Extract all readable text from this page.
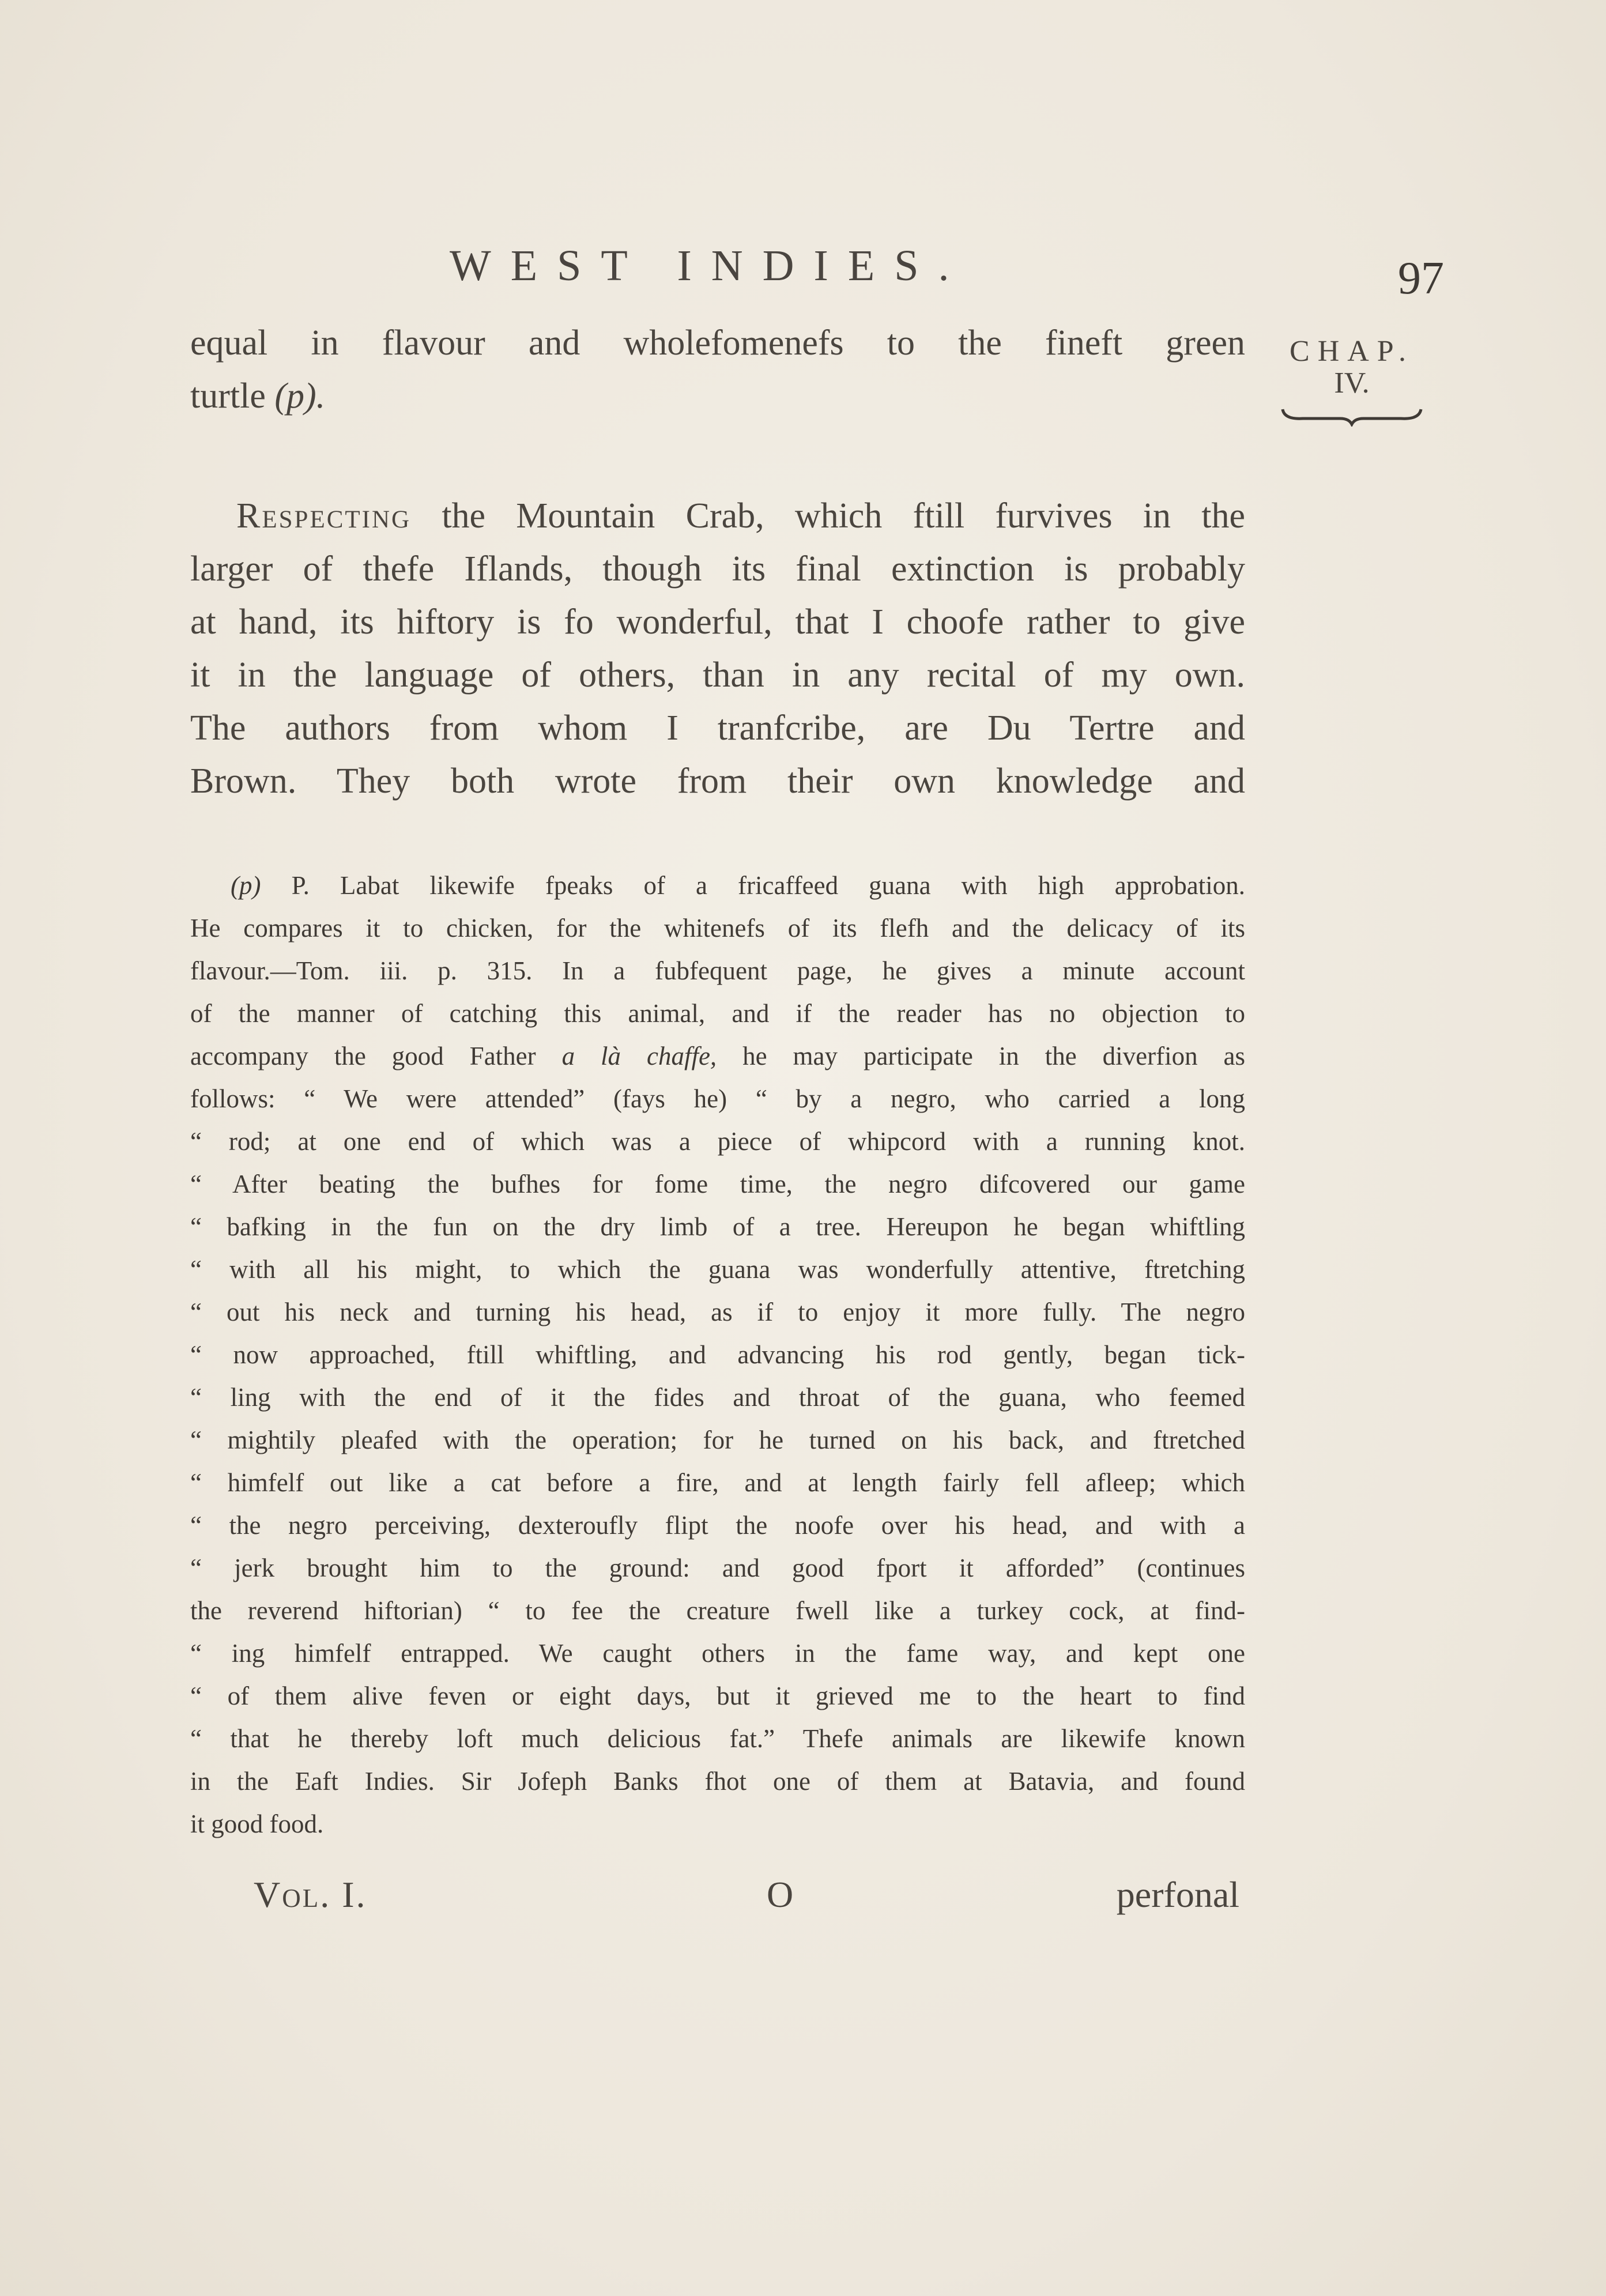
WEST INDIES.	97
CHAP.
IV.
equal in flavour and wholefomenefs to the fineft green
turtle (p).
Respecting the Mountain Crab, which ftill furvives in the
larger of thefe Iflands, though its final extinction is probably
at hand, its hiftory is fo wonderful, that I choofe rather to give
it in the language of others, than in any recital of my own.
The authors from whom I tranfcribe, are Du Tertre and
Brown. They both wrote from their own knowledge and
(p) P. Labat likewife fpeaks of a fricaffeed guana with high approbation.
He compares it to chicken, for the whitenefs of its flefh and the delicacy of its
flavour.—Tom. iii. p. 315. In a fubfequent page, he gives a minute account
of the manner of catching this animal, and if the reader has no objection to
accompany the good Father a là chaffe, he may participate in the diverfion as
follows: “ We were attended” (fays he) “ by a negro, who carried a long
“ rod; at one end of which was a piece of whipcord with a running knot.
“ After beating the bufhes for fome time, the negro difcovered our game
“ bafking in the fun on the dry limb of a tree. Hereupon he began whiftling
“ with all his might, to which the guana was wonderfully attentive, ftretching
“ out his neck and turning his head, as if to enjoy it more fully. The negro
“ now approached, ftill whiftling, and advancing his rod gently, began tick-
“ ling with the end of it the fides and throat of the guana, who feemed
“ mightily pleafed with the operation; for he turned on his back, and ftretched
“ himfelf out like a cat before a fire, and at length fairly fell afleep; which
“ the negro perceiving, dexteroufly flipt the noofe over his head, and with a
“ jerk brought him to the ground: and good fport it afforded” (continues
the reverend hiftorian) “ to fee the creature fwell like a turkey cock, at find-
“ ing himfelf entrapped. We caught others in the fame way, and kept one
“ of them alive feven or eight days, but it grieved me to the heart to find
“ that he thereby loft much delicious fat.” Thefe animals are likewife known
in the Eaft Indies. Sir Jofeph Banks fhot one of them at Batavia, and found
it good food.
Vol. I.	O	perfonal
